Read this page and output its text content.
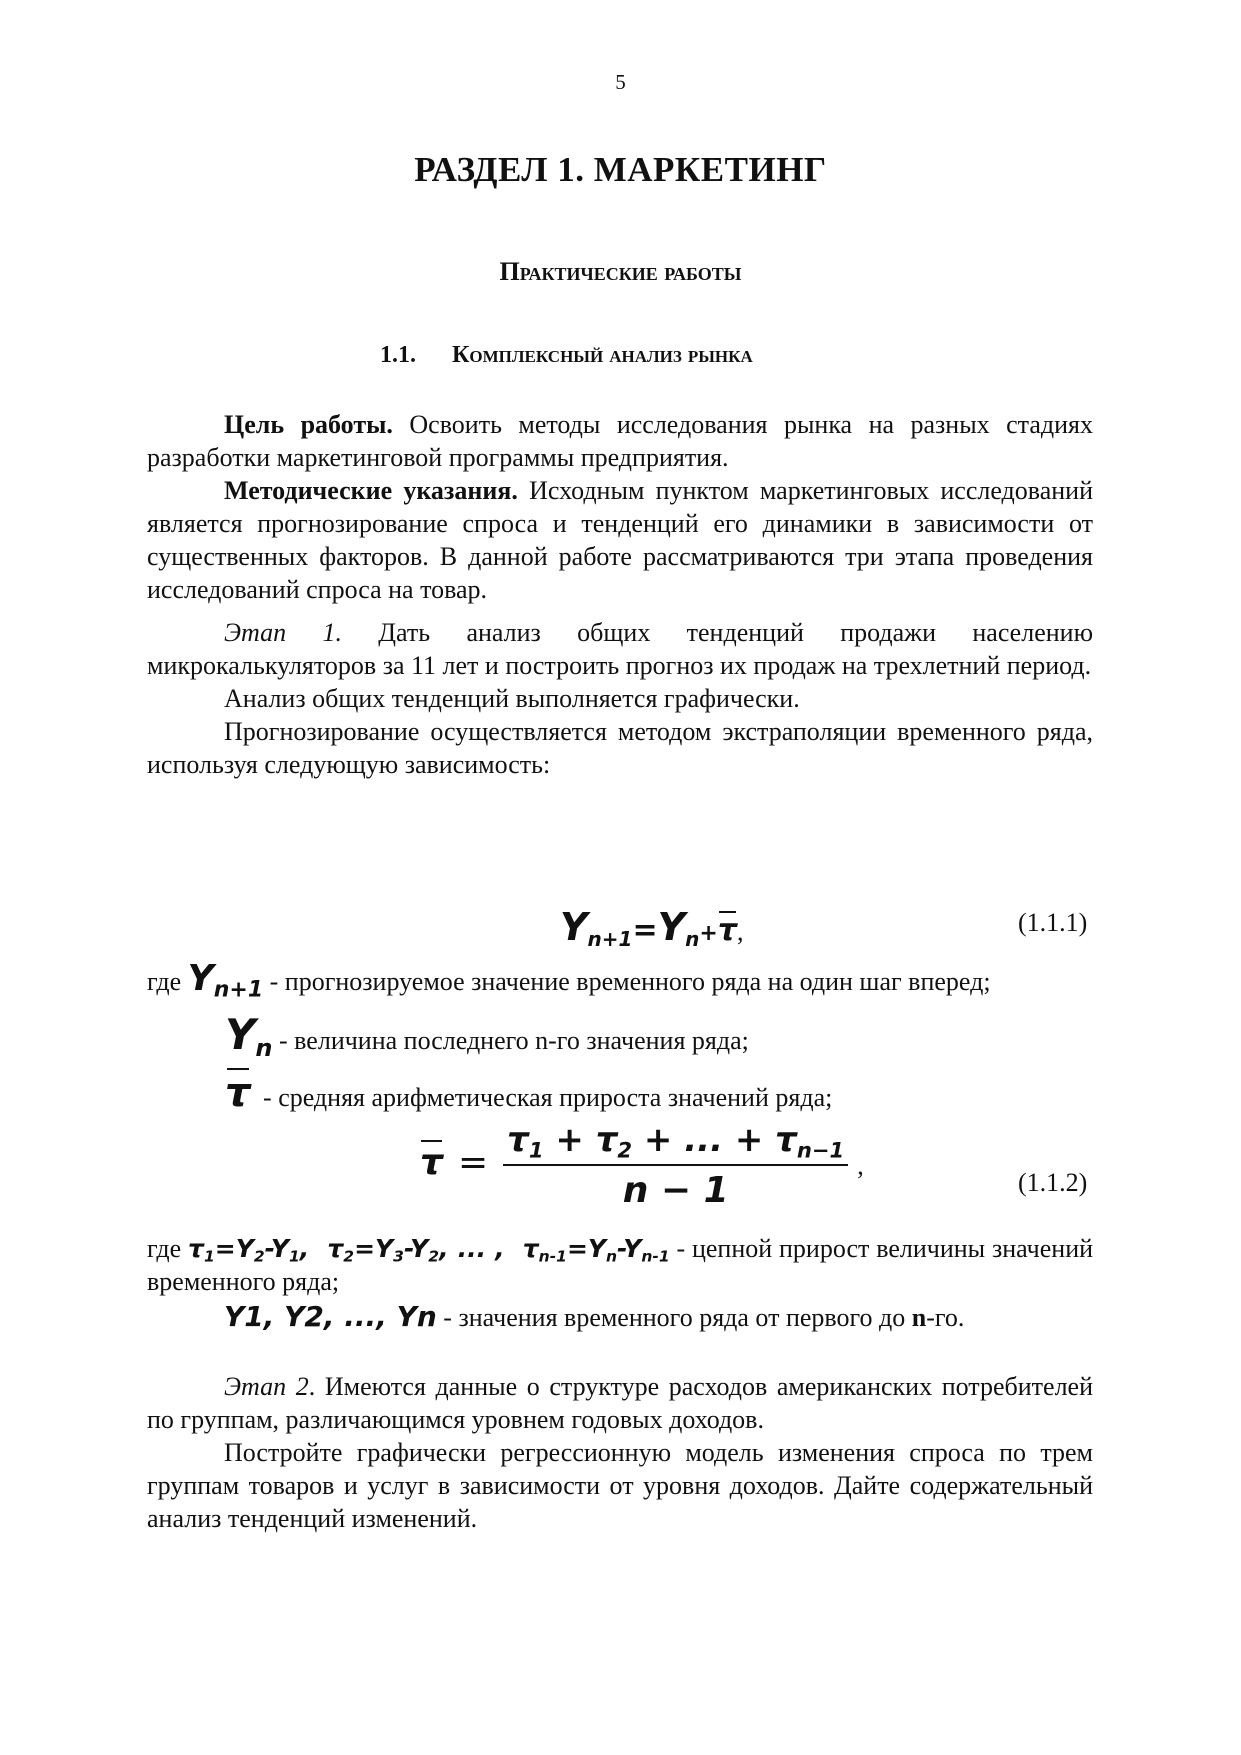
5
РАЗДЕЛ 1. МАРКЕТИНГ
Практические работы
1.1. Комплексный анализ рынка

Цель работы. Освоить методы исследования рынка на разных стадиях разработки маркетинговой программы предприятия.

Методические указания. Исходным пунктом маркетинговых исследований является прогнозирование спроса и тенденций его динамики в зависимости от существенных факторов. В данной работе рассматриваются три этапа проведения исследований спроса на товар.

Этап 1. Дать анализ общих тенденций продажи населению микрокалькуляторов за 11 лет и построить прогноз их продаж на трехлетний период.

Анализ общих тенденций выполняется графически.

Прогнозирование осуществляется методом экстраполяции временного ряда, используя следующую зависимость:

$Y_{n+1}=Y_n+\tau$,	(1.1.1)
где $Y_{n+1}$ - прогнозируемое значение временного ряда на один шаг вперед;
$Y_n$ - величина последнего n-го значения ряда;
τ - средняя арифметическая прироста значений ряда;
$\tau = \frac{\tau_1 + \tau_2 + ... + \tau_{n-1}}{n - 1}$ ,
(1.1.2)
где $\tau_1=Y_2-Y_1$,  $\tau_2=Y_3-Y_2$, ... ,  $\tau_{n-1}=Y_n-Y_{n-1}$ - цепной прирост величины значений временного ряда;
Y1, Y2, ..., Yn - значения временного ряда от первого до n-го.

Этап 2. Имеются данные о структуре расходов американских потребителей по группам, различающимся уровнем годовых доходов.

Постройте графически регрессионную модель изменения спроса по трем группам товаров и услуг в зависимости от уровня доходов. Дайте содержательный анализ тенденций изменений.
